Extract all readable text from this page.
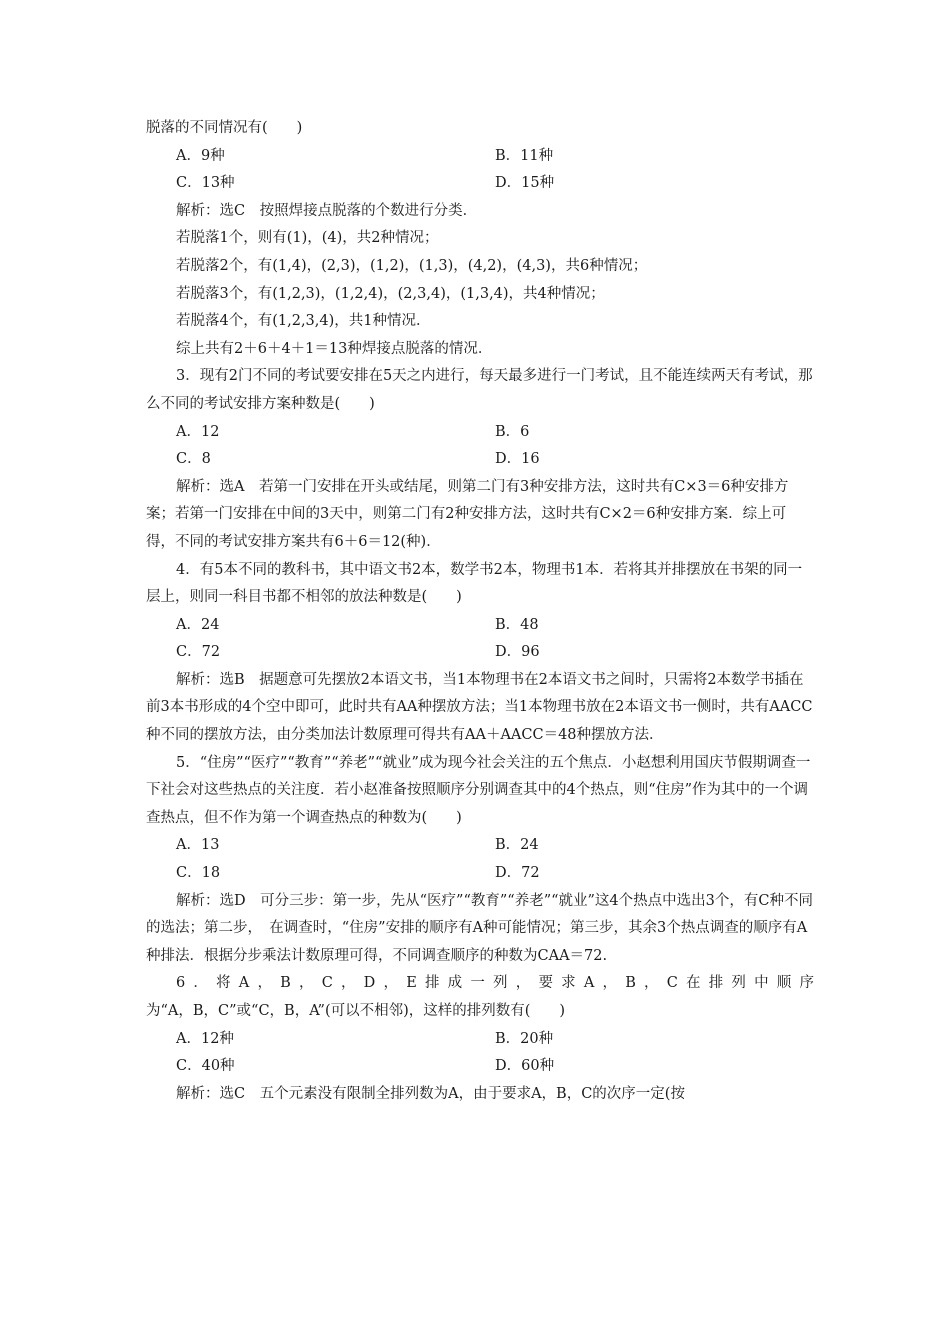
脱落的不同情况有(　　)
A．9种	B．11种
C．13种	D．15种
解析：选C　按照焊接点脱落的个数进行分类．
若脱落1个，则有(1)，(4)，共2种情况；
若脱落2个，有(1,4)，(2,3)，(1,2)，(1,3)，(4,2)，(4,3)，共6种情况；
若脱落3个，有(1,2,3)，(1,2,4)，(2,3,4)，(1,3,4)，共4种情况；
若脱落4个，有(1,2,3,4)，共1种情况．
综上共有2＋6＋4＋1＝13种焊接点脱落的情况．
3．现有2门不同的考试要安排在5天之内进行，每天最多进行一门考试，且不能连续两天有考试，那么不同的考试安排方案种数是(　　)
A．12	B．6
C．8	D．16
解析：选A　若第一门安排在开头或结尾，则第二门有3种安排方法，这时共有C×3＝6种安排方案；若第一门安排在中间的3天中，则第二门有2种安排方法，这时共有C×2＝6种安排方案．综上可得，不同的考试安排方案共有6＋6＝12(种)．
4．有5本不同的教科书，其中语文书2本，数学书2本，物理书1本．若将其并排摆放在书架的同一层上，则同一科目书都不相邻的放法种数是(　　)
A．24	B．48
C．72	D．96
解析：选B　据题意可先摆放2本语文书，当1本物理书在2本语文书之间时，只需将2本数学书插在前3本书形成的4个空中即可，此时共有AA种摆放方法；当1本物理书放在2本语文书一侧时，共有AACC种不同的摆放方法，由分类加法计数原理可得共有AA＋AACC＝48种摆放方法．
5．“住房”“医疗”“教育”“养老”“就业”成为现今社会关注的五个焦点．小赵想利用国庆节假期调查一下社会对这些热点的关注度．若小赵准备按照顺序分别调查其中的4个热点，则“住房”作为其中的一个调查热点，但不作为第一个调查热点的种数为(　　)
A．13	B．24
C．18	D．72
解析：选D　可分三步：第一步，先从“医疗”“教育”“养老”“就业”这4个热点中选出3个，有C种不同的选法；第二步，　在调查时，“住房”安排的顺序有A种可能情况；第三步，其余3个热点调查的顺序有A种排法．根据分步乘法计数原理可得，不同调查顺序的种数为CAA＝72.
6．将A，B，C，D，E排成一列，要求A，B，C在排列中顺序
为“A，B，C”或“C，B，A”(可以不相邻)，这样的排列数有(　　)
A．12种	B．20种
C．40种	D．60种
解析：选C　五个元素没有限制全排列数为A，由于要求A，B，C的次序一定(按
